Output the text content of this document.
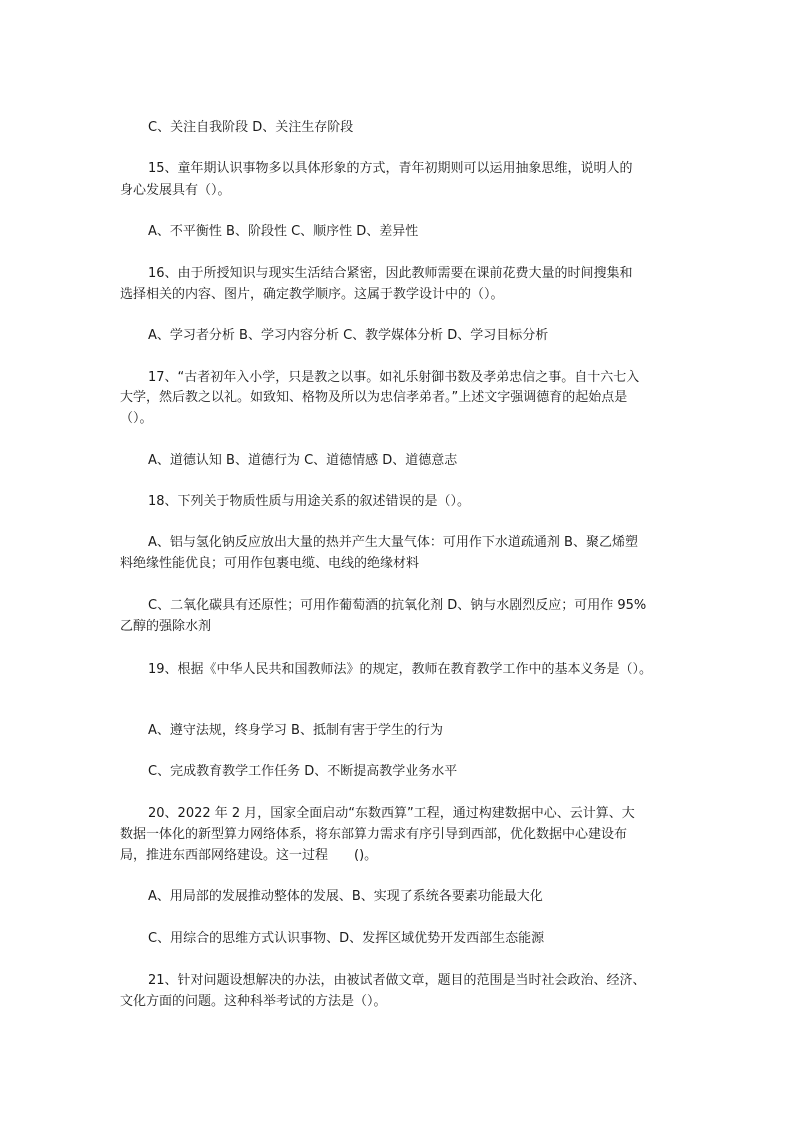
C、关注自我阶段 D、关注生存阶段
15、童年期认识事物多以具体形象的方式，青年初期则可以运用抽象思维，说明人的
身心发展具有（）。
A、不平衡性 B、阶段性 C、顺序性 D、差异性
16、由于所授知识与现实生活结合紧密，因此教师需要在课前花费大量的时间搜集和
选择相关的内容、图片，确定教学顺序。这属于教学设计中的（）。
A、学习者分析 B、学习内容分析 C、教学媒体分析 D、学习目标分析
17、“古者初年入小学，只是教之以事。如礼乐射御书数及孝弟忠信之事。自十六七入
大学，然后教之以礼。如致知、格物及所以为忠信孝弟者。”上述文字强调德育的起始点是
（）。
A、道德认知 B、道德行为 C、道德情感 D、道德意志
18、下列关于物质性质与用途关系的叙述错误的是（）。
A、铝与氢化钠反应放出大量的热并产生大量气体：可用作下水道疏通剂 B、聚乙烯塑
料绝缘性能优良；可用作包裹电缆、电线的绝缘材料
C、二氧化碳具有还原性；可用作葡萄酒的抗氧化剂 D、钠与水剧烈反应；可用作 95%
乙醇的强除水剂
19、根据《中华人民共和国教师法》的规定，教师在教育教学工作中的基本义务是（）。
A、遵守法规，终身学习 B、抵制有害于学生的行为
C、完成教育教学工作任务 D、不断提高教学业务水平
20、2022 年 2 月，国家全面启动“东数西算”工程，通过构建数据中心、云计算、大
数据一体化的新型算力网络体系，将东部算力需求有序引导到西部，优化数据中心建设布
局，推进东西部网络建设。这一过程　　()。
A、用局部的发展推动整体的发展、B、实现了系统各要素功能最大化
C、用综合的思维方式认识事物、D、发挥区域优势开发西部生态能源
21、针对问题设想解决的办法，由被试者做文章，题目的范围是当时社会政治、经济、
文化方面的问题。这种科举考试的方法是（）。
